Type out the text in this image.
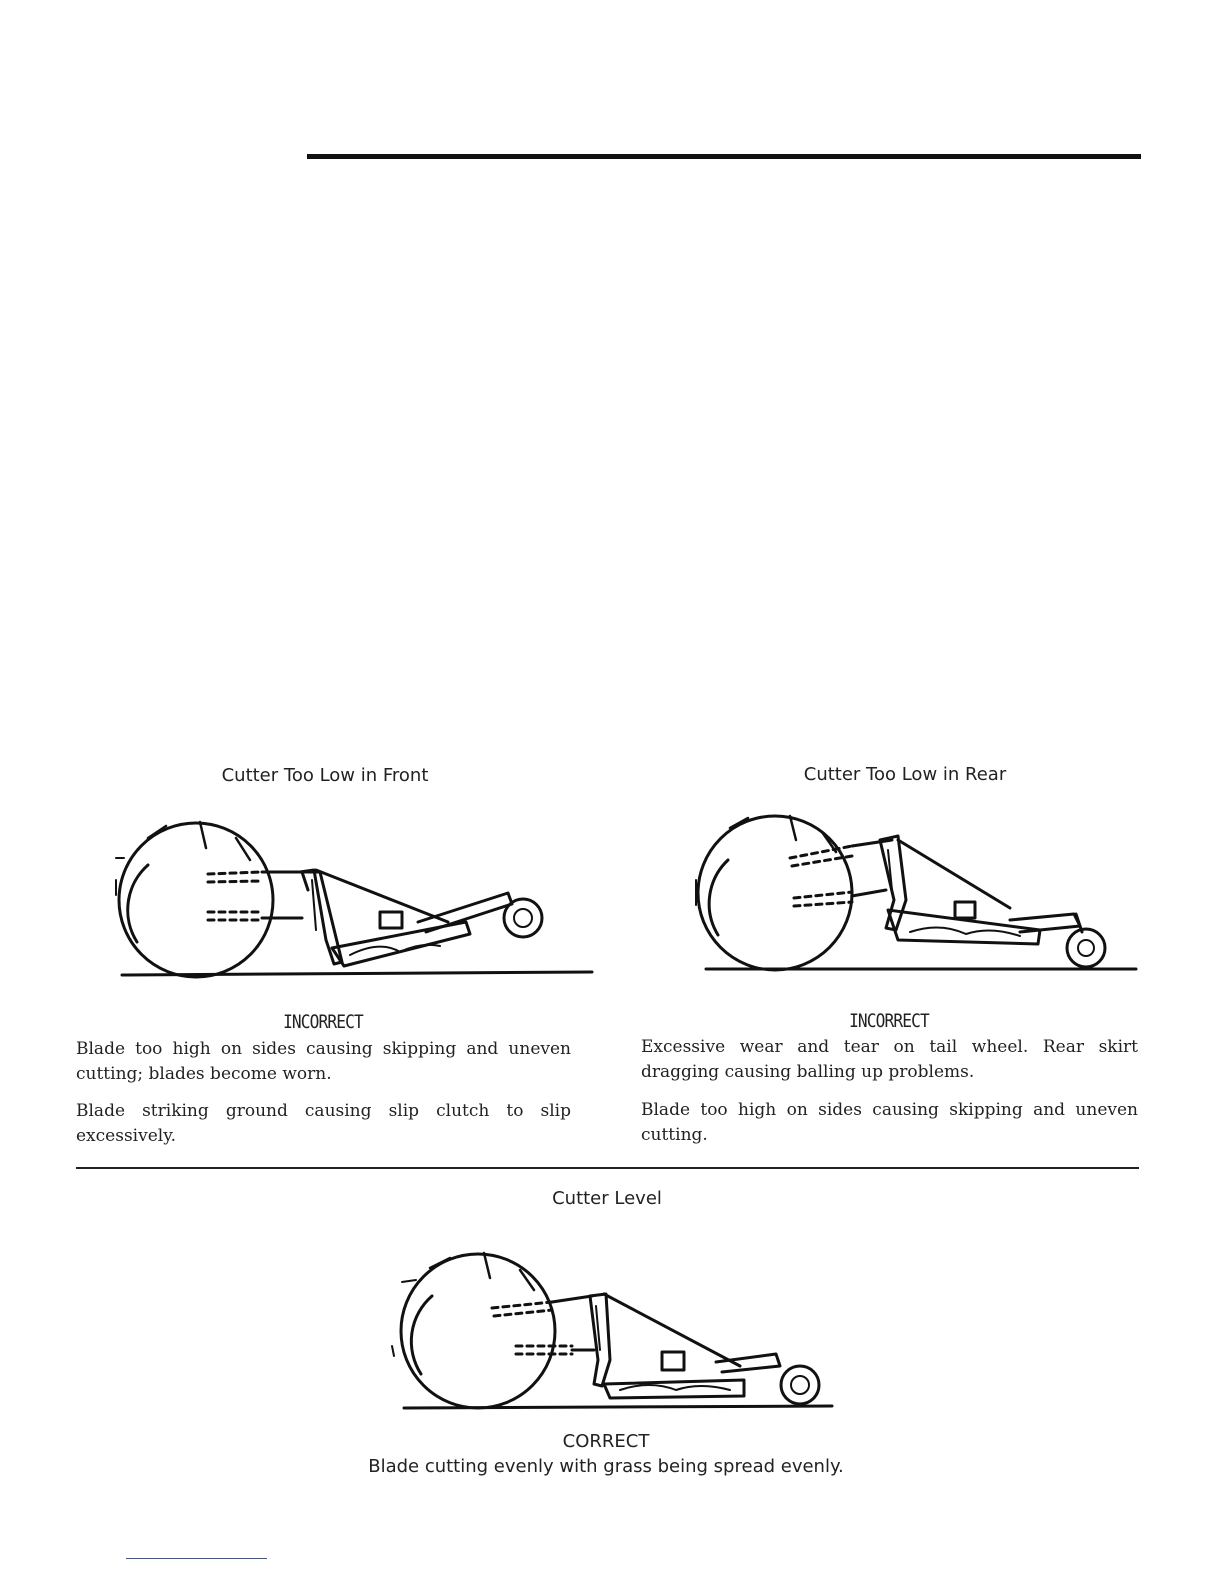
Cutter Too Low in Front
INCORRECT

Blade too high on sides causing skipping and uneven cutting; blades become worn.

Blade striking ground causing slip clutch to slip excessively.

Cutter Too Low in Rear
INCORRECT

Excessive wear and tear on tail wheel. Rear skirt dragging causing balling up problems.

Blade too high on sides causing skipping and uneven cutting.

Cutter Level
CORRECT
Blade cutting evenly with grass being spread evenly.
